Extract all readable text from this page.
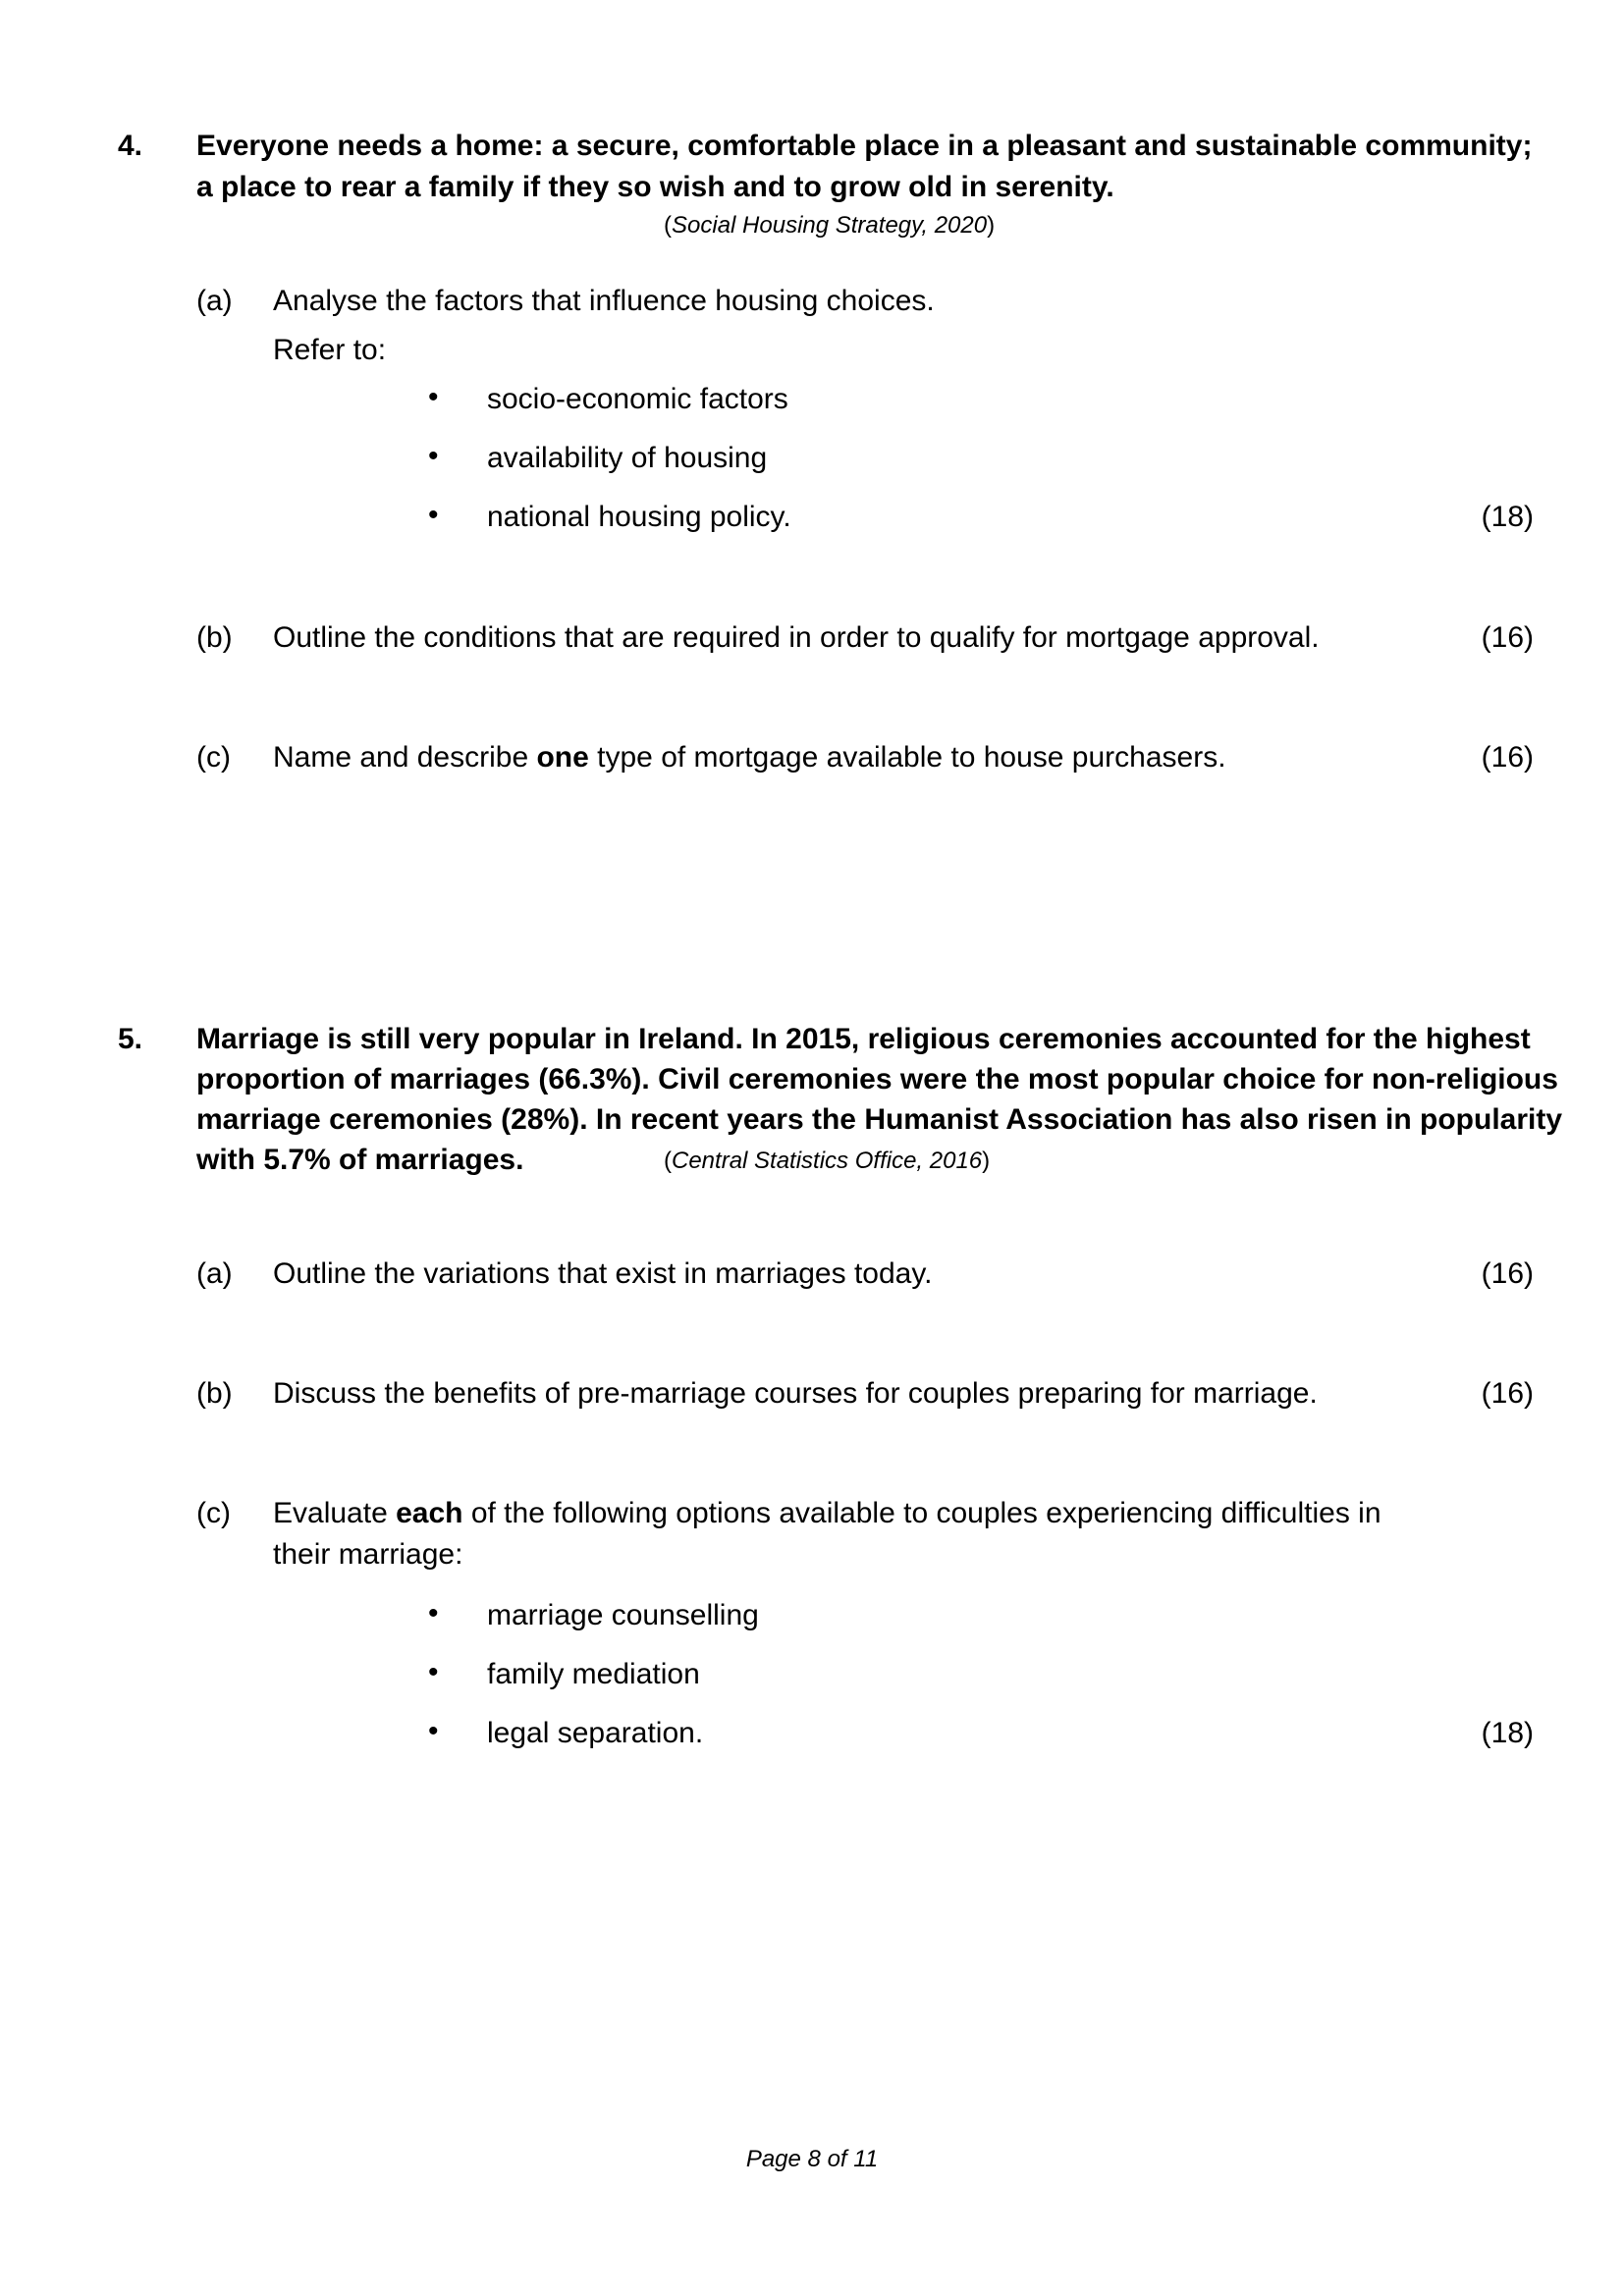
4. Everyone needs a home: a secure, comfortable place in a pleasant and sustainable community;
a place to rear a family if they so wish and to grow old in serenity.
(Social Housing Strategy, 2020)
(a) Analyse the factors that influence housing choices.
Refer to:
• socio-economic factors
• availability of housing
• national housing policy.	(18)
(b) Outline the conditions that are required in order to qualify for mortgage approval.	(16)
(c) Name and describe one type of mortgage available to house purchasers.	(16)
5. Marriage is still very popular in Ireland. In 2015, religious ceremonies accounted for the highest
proportion of marriages (66.3%). Civil ceremonies were the most popular choice for non-religious
marriage ceremonies (28%). In recent years the Humanist Association has also risen in popularity
with 5.7% of marriages.	(Central Statistics Office, 2016)
(a) Outline the variations that exist in marriages today.	(16)
(b) Discuss the benefits of pre-marriage courses for couples preparing for marriage.	(16)
(c) Evaluate each of the following options available to couples experiencing difficulties in
their marriage:
• marriage counselling
• family mediation
• legal separation.	(18)
Page 8 of 11
